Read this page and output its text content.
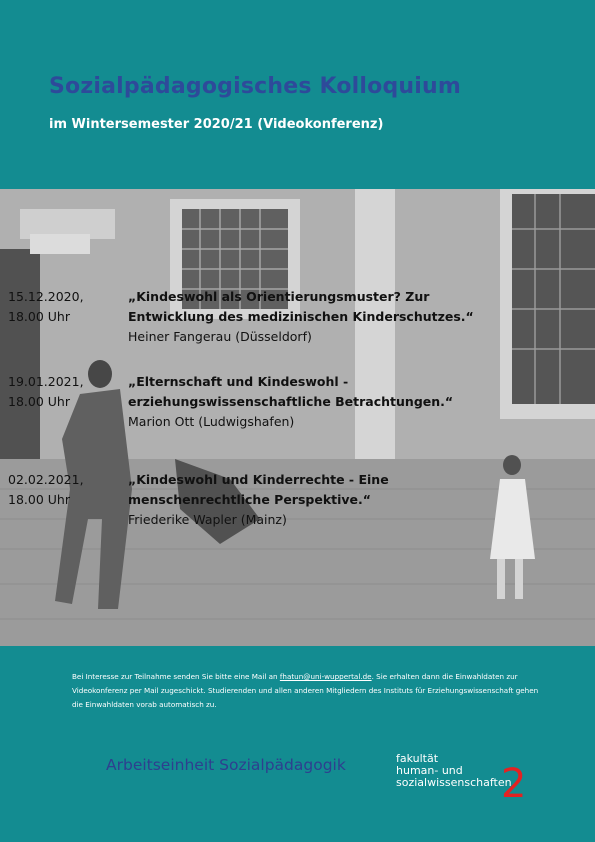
Sozialpädagogisches Kolloquium
im Wintersemester 2020/21 (Videokonferenz)
15.12.2020,
18.00 Uhr
„Kindeswohl als Orientierungsmuster? Zur
Entwicklung des medizinischen Kinderschutzes.“
Heiner Fangerau (Düsseldorf)
19.01.2021,
18.00 Uhr
„Elternschaft und Kindeswohl -
erziehungswissenschaftliche Betrachtungen.“
Marion Ott (Ludwigshafen)
02.02.2021,
18.00 Uhr
„Kindeswohl und Kinderrechte - Eine
menschenrechtliche Perspektive.“
Friederike Wapler (Mainz)
Bei Interesse zur Teilnahme senden Sie bitte eine Mail an fhatun@uni-wuppertal.de. Sie erhalten dann die Einwahldaten zur Videokonferenz per Mail zugeschickt. Studierenden und allen anderen Mitgliedern des Instituts für Erziehungswissenschaft gehen die Einwahldaten vorab automatisch zu.
Arbeitseinheit Sozialpädagogik	fakultät
human- und
sozialwissenschaften
2
